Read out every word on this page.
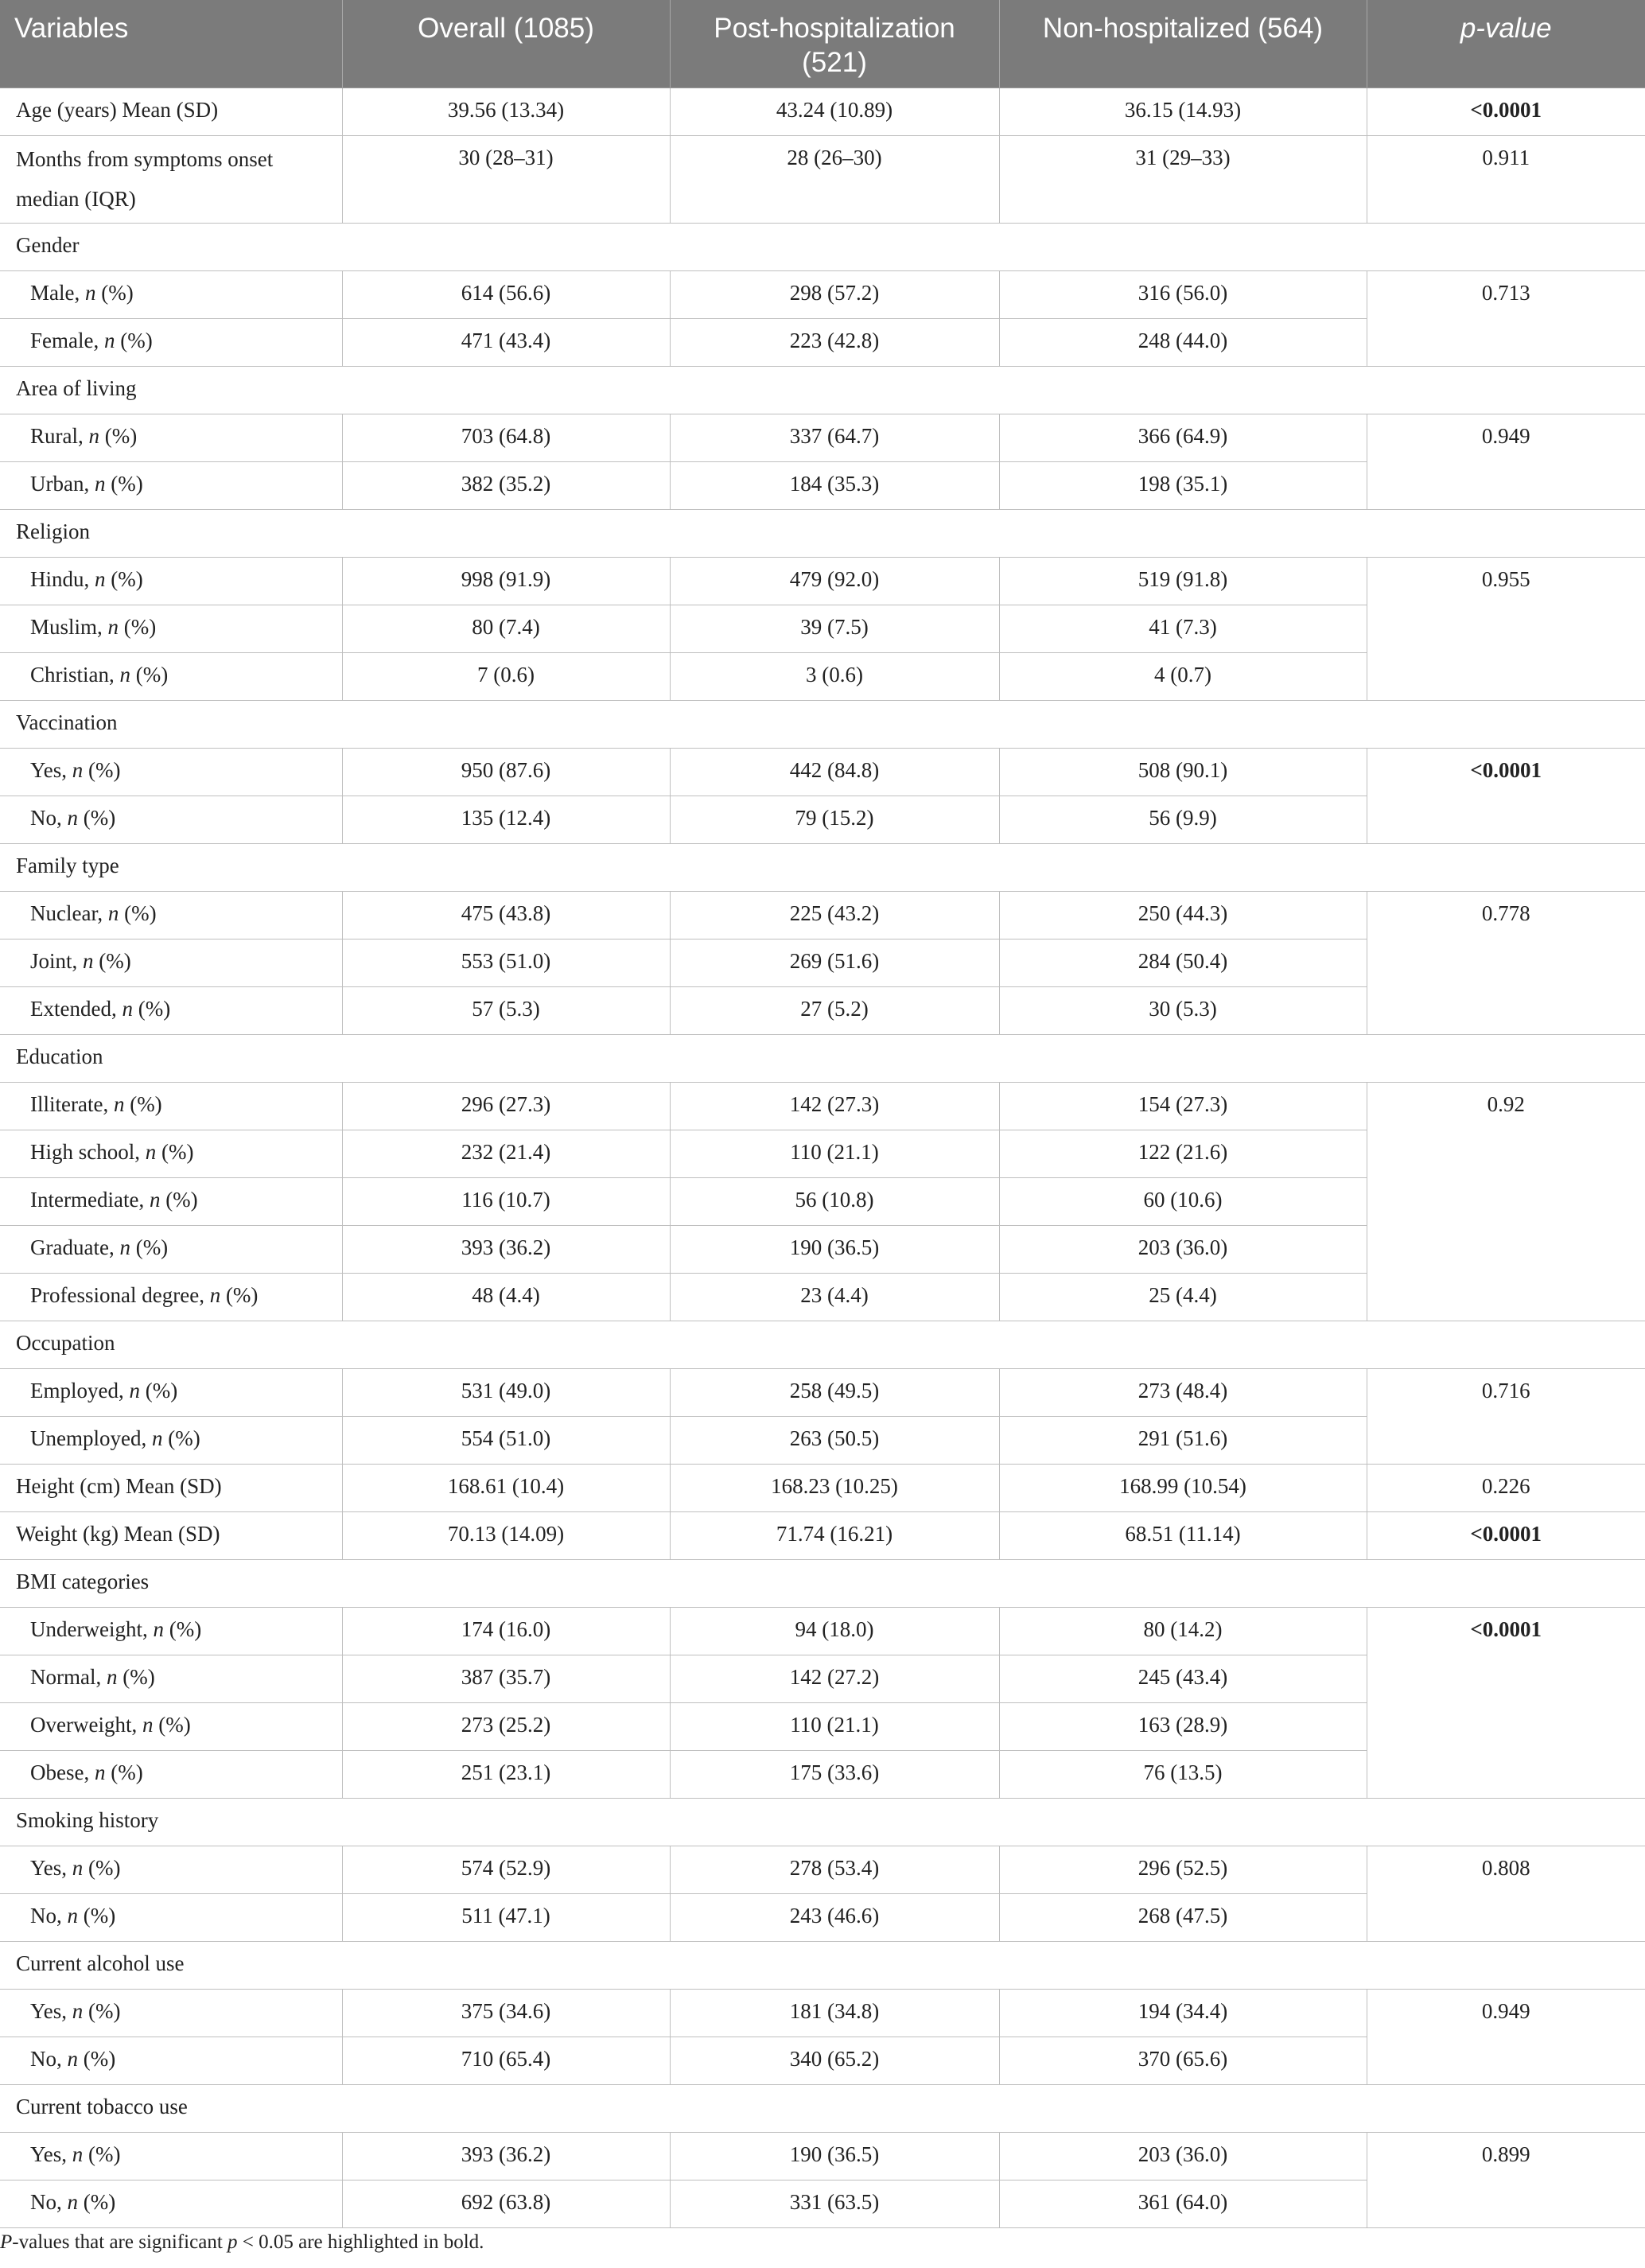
Variables	Overall (1085)	Post-hospitalization (521)	Non-hospitalized (564)	p-value
Age (years) Mean (SD)	39.56 (13.34)	43.24 (10.89)	36.15 (14.93)	<0.0001
Months from symptoms onset median (IQR)	30 (28–31)	28 (26–30)	31 (29–33)	0.911
Gender				
Male, n (%)	614 (56.6)	298 (57.2)	316 (56.0)	0.713
Female, n (%)	471 (43.4)	223 (42.8)	248 (44.0)	
Area of living				
Rural, n (%)	703 (64.8)	337 (64.7)	366 (64.9)	0.949
Urban, n (%)	382 (35.2)	184 (35.3)	198 (35.1)	
Religion				
Hindu, n (%)	998 (91.9)	479 (92.0)	519 (91.8)	0.955
Muslim, n (%)	80 (7.4)	39 (7.5)	41 (7.3)	
Christian, n (%)	7 (0.6)	3 (0.6)	4 (0.7)	
Vaccination				
Yes, n (%)	950 (87.6)	442 (84.8)	508 (90.1)	<0.0001
No, n (%)	135 (12.4)	79 (15.2)	56 (9.9)	
Family type				
Nuclear, n (%)	475 (43.8)	225 (43.2)	250 (44.3)	0.778
Joint, n (%)	553 (51.0)	269 (51.6)	284 (50.4)	
Extended, n (%)	57 (5.3)	27 (5.2)	30 (5.3)	
Education				
Illiterate, n (%)	296 (27.3)	142 (27.3)	154 (27.3)	0.92
High school, n (%)	232 (21.4)	110 (21.1)	122 (21.6)	
Intermediate, n (%)	116 (10.7)	56 (10.8)	60 (10.6)	
Graduate, n (%)	393 (36.2)	190 (36.5)	203 (36.0)	
Professional degree, n (%)	48 (4.4)	23 (4.4)	25 (4.4)	
Occupation				
Employed, n (%)	531 (49.0)	258 (49.5)	273 (48.4)	0.716
Unemployed, n (%)	554 (51.0)	263 (50.5)	291 (51.6)	
Height (cm) Mean (SD)	168.61 (10.4)	168.23 (10.25)	168.99 (10.54)	0.226
Weight (kg) Mean (SD)	70.13 (14.09)	71.74 (16.21)	68.51 (11.14)	<0.0001
BMI categories				
Underweight, n (%)	174 (16.0)	94 (18.0)	80 (14.2)	<0.0001
Normal, n (%)	387 (35.7)	142 (27.2)	245 (43.4)	
Overweight, n (%)	273 (25.2)	110 (21.1)	163 (28.9)	
Obese, n (%)	251 (23.1)	175 (33.6)	76 (13.5)	
Smoking history				
Yes, n (%)	574 (52.9)	278 (53.4)	296 (52.5)	0.808
No, n (%)	511 (47.1)	243 (46.6)	268 (47.5)	
Current alcohol use				
Yes, n (%)	375 (34.6)	181 (34.8)	194 (34.4)	0.949
No, n (%)	710 (65.4)	340 (65.2)	370 (65.6)	
Current tobacco use				
Yes, n (%)	393 (36.2)	190 (36.5)	203 (36.0)	0.899
No, n (%)	692 (63.8)	331 (63.5)	361 (64.0)	
P-values that are significant p < 0.05 are highlighted in bold.
